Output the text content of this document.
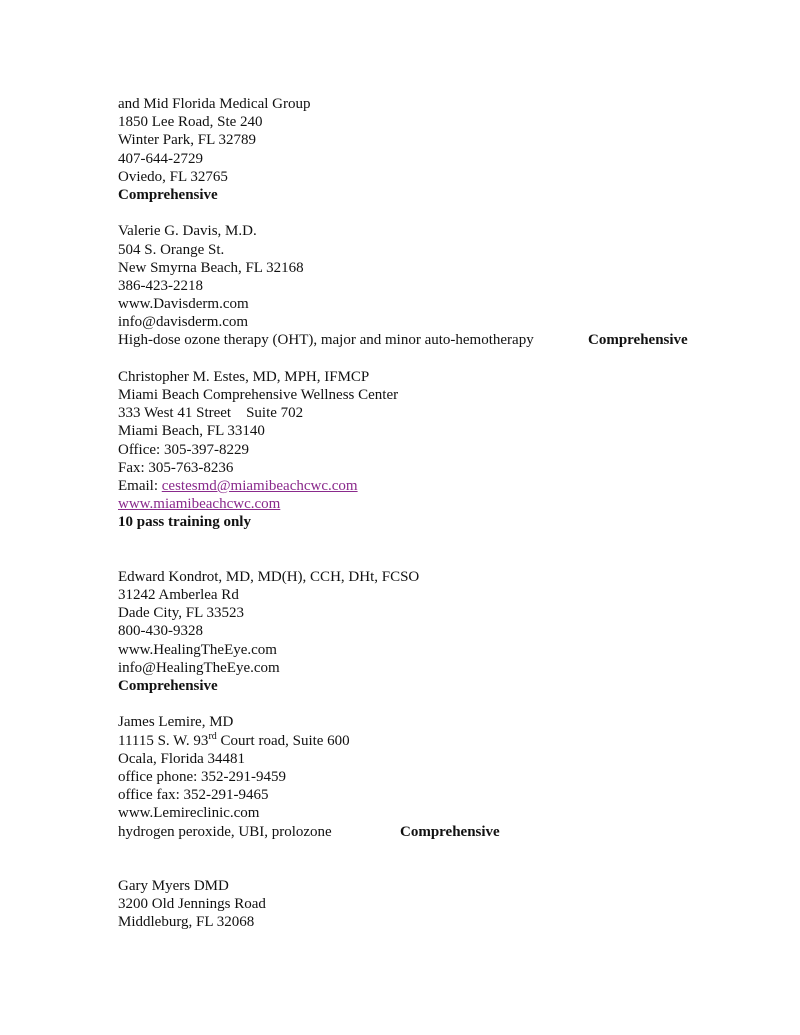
and Mid Florida Medical Group
1850 Lee Road, Ste 240
Winter Park, FL 32789
407-644-2729
Oviedo, FL 32765
Comprehensive
Valerie G. Davis, M.D.
504 S. Orange St.
New Smyrna Beach, FL 32168
386-423-2218
www.Davisderm.com
info@davisderm.com
High-dose ozone therapy (OHT), major and minor auto-hemotherapy	Comprehensive
Christopher M. Estes, MD, MPH, IFMCP
Miami Beach Comprehensive Wellness Center
333 West 41 Street    Suite 702
Miami Beach, FL 33140
Office: 305-397-8229
Fax: 305-763-8236
Email: cestesmd@miamibeachcwc.com
www.miamibeachcwc.com
10 pass training only
Edward Kondrot, MD, MD(H), CCH, DHt, FCSO
31242 Amberlea Rd
Dade City, FL 33523
800-430-9328
www.HealingTheEye.com
info@HealingTheEye.com
Comprehensive
James Lemire, MD
11115 S. W. 93rd Court road, Suite 600
Ocala, Florida 34481
office phone: 352-291-9459
office fax: 352-291-9465
www.Lemireclinic.com
hydrogen peroxide, UBI, prolozone	Comprehensive
Gary Myers DMD
3200 Old Jennings Road
Middleburg, FL 32068
